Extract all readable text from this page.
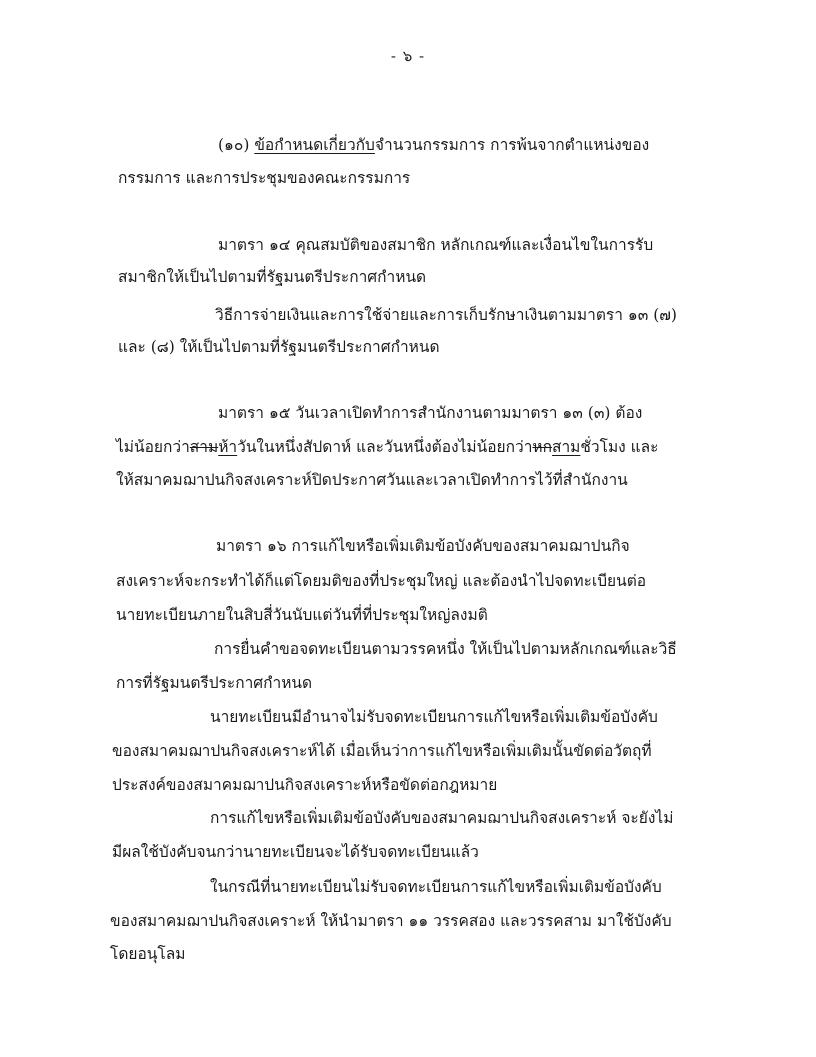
- ๖ -
(๑๐) ข้อกำหนดเกี่ยวกับจำนวนกรรมการ การพ้นจากตำแหน่งของ
กรรมการ และการประชุมของคณะกรรมการ
มาตรา ๑๔ คุณสมบัติของสมาชิก หลักเกณฑ์และเงื่อนไขในการรับ
สมาชิกให้เป็นไปตามที่รัฐมนตรีประกาศกำหนด
วิธีการจ่ายเงินและการใช้จ่ายและการเก็บรักษาเงินตามมาตรา ๑๓ (๗)
และ (๘) ให้เป็นไปตามที่รัฐมนตรีประกาศกำหนด
มาตรา ๑๕ วันเวลาเปิดทำการสำนักงานตามมาตรา ๑๓ (๓) ต้อง
ไม่น้อยกว่าสามห้าวันในหนึ่งสัปดาห์ และวันหนึ่งต้องไม่น้อยกว่าหกสามชั่วโมง และ
ให้สมาคมฌาปนกิจสงเคราะห์ปิดประกาศวันและเวลาเปิดทำการไว้ที่สำนักงาน
มาตรา ๑๖ การแก้ไขหรือเพิ่มเติมข้อบังคับของสมาคมฌาปนกิจ
สงเคราะห์จะกระทำได้ก็แต่โดยมติของที่ประชุมใหญ่ และต้องนำไปจดทะเบียนต่อ
นายทะเบียนภายในสิบสี่วันนับแต่วันที่ที่ประชุมใหญ่ลงมติ
การยื่นคำขอจดทะเบียนตามวรรคหนึ่ง ให้เป็นไปตามหลักเกณฑ์และวิธี
การที่รัฐมนตรีประกาศกำหนด
นายทะเบียนมีอำนาจไม่รับจดทะเบียนการแก้ไขหรือเพิ่มเติมข้อบังคับ
ของสมาคมฌาปนกิจสงเคราะห์ได้ เมื่อเห็นว่าการแก้ไขหรือเพิ่มเติมนั้นขัดต่อวัตถุที่
ประสงค์ของสมาคมฌาปนกิจสงเคราะห์หรือขัดต่อกฎหมาย
การแก้ไขหรือเพิ่มเติมข้อบังคับของสมาคมฌาปนกิจสงเคราะห์ จะยังไม่
มีผลใช้บังคับจนกว่านายทะเบียนจะได้รับจดทะเบียนแล้ว
ในกรณีที่นายทะเบียนไม่รับจดทะเบียนการแก้ไขหรือเพิ่มเติมข้อบังคับ
ของสมาคมฌาปนกิจสงเคราะห์ ให้นำมาตรา ๑๑ วรรคสอง และวรรคสาม มาใช้บังคับ
โดยอนุโลม
